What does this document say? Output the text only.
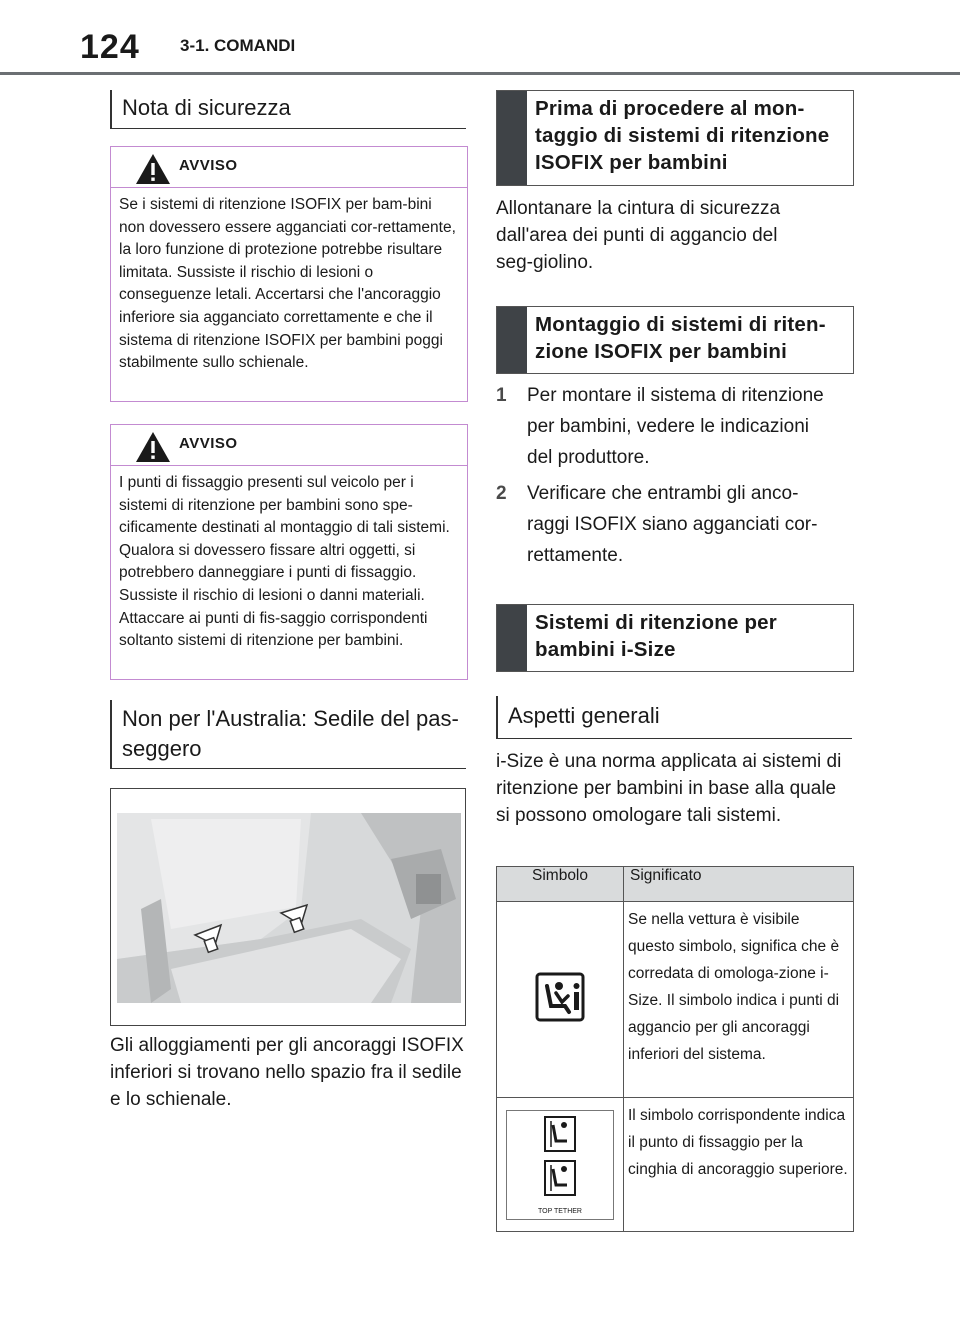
124 3-1. COMANDI
Nota di sicurezza
AVVISO
Se i sistemi di ritenzione ISOFIX per bam-bini non dovessero essere agganciati cor-rettamente, la loro funzione di protezione potrebbe risultare limitata. Sussiste il rischio di lesioni o conseguenze letali. Accertarsi che l'ancoraggio inferiore sia agganciato correttamente e che il sistema di ritenzione ISOFIX per bambini poggi stabilmente sullo schienale.
AVVISO
I punti di fissaggio presenti sul veicolo per i sistemi di ritenzione per bambini sono spe-cificamente destinati al montaggio di tali sistemi. Qualora si dovessero fissare altri oggetti, si potrebbero danneggiare i punti di fissaggio. Sussiste il rischio di lesioni o danni materiali. Attaccare ai punti di fis-saggio corrispondenti soltanto sistemi di ritenzione per bambini.
Non per l'Australia: Sedile del pas-seggero
Gli alloggiamenti per gli ancoraggi ISOFIX inferiori si trovano nello spazio fra il sedile e lo schienale.
Prima di procedere al mon-taggio di sistemi di ritenzione ISOFIX per bambini
Allontanare la cintura di sicurezza dall'area dei punti di aggancio del seg-giolino.
Montaggio di sistemi di riten-zione ISOFIX per bambini
1 Per montare il sistema di ritenzione per bambini, vedere le indicazioni del produttore.
2 Verificare che entrambi gli anco-raggi ISOFIX siano agganciati cor-rettamente.
Sistemi di ritenzione per bambini i-Size
Aspetti generali
i-Size è una norma applicata ai sistemi di ritenzione per bambini in base alla quale si possono omologare tali sistemi.
Simbolo	Significato
	Se nella vettura è visibile questo simbolo, significa che è corredata di omologa-zione i-Size. Il simbolo indica i punti di aggancio per gli ancoraggi inferiori del sistema.

TOP TETHER	Il simbolo corrispondente indica il punto di fissaggio per la cinghia di ancoraggio superiore.
